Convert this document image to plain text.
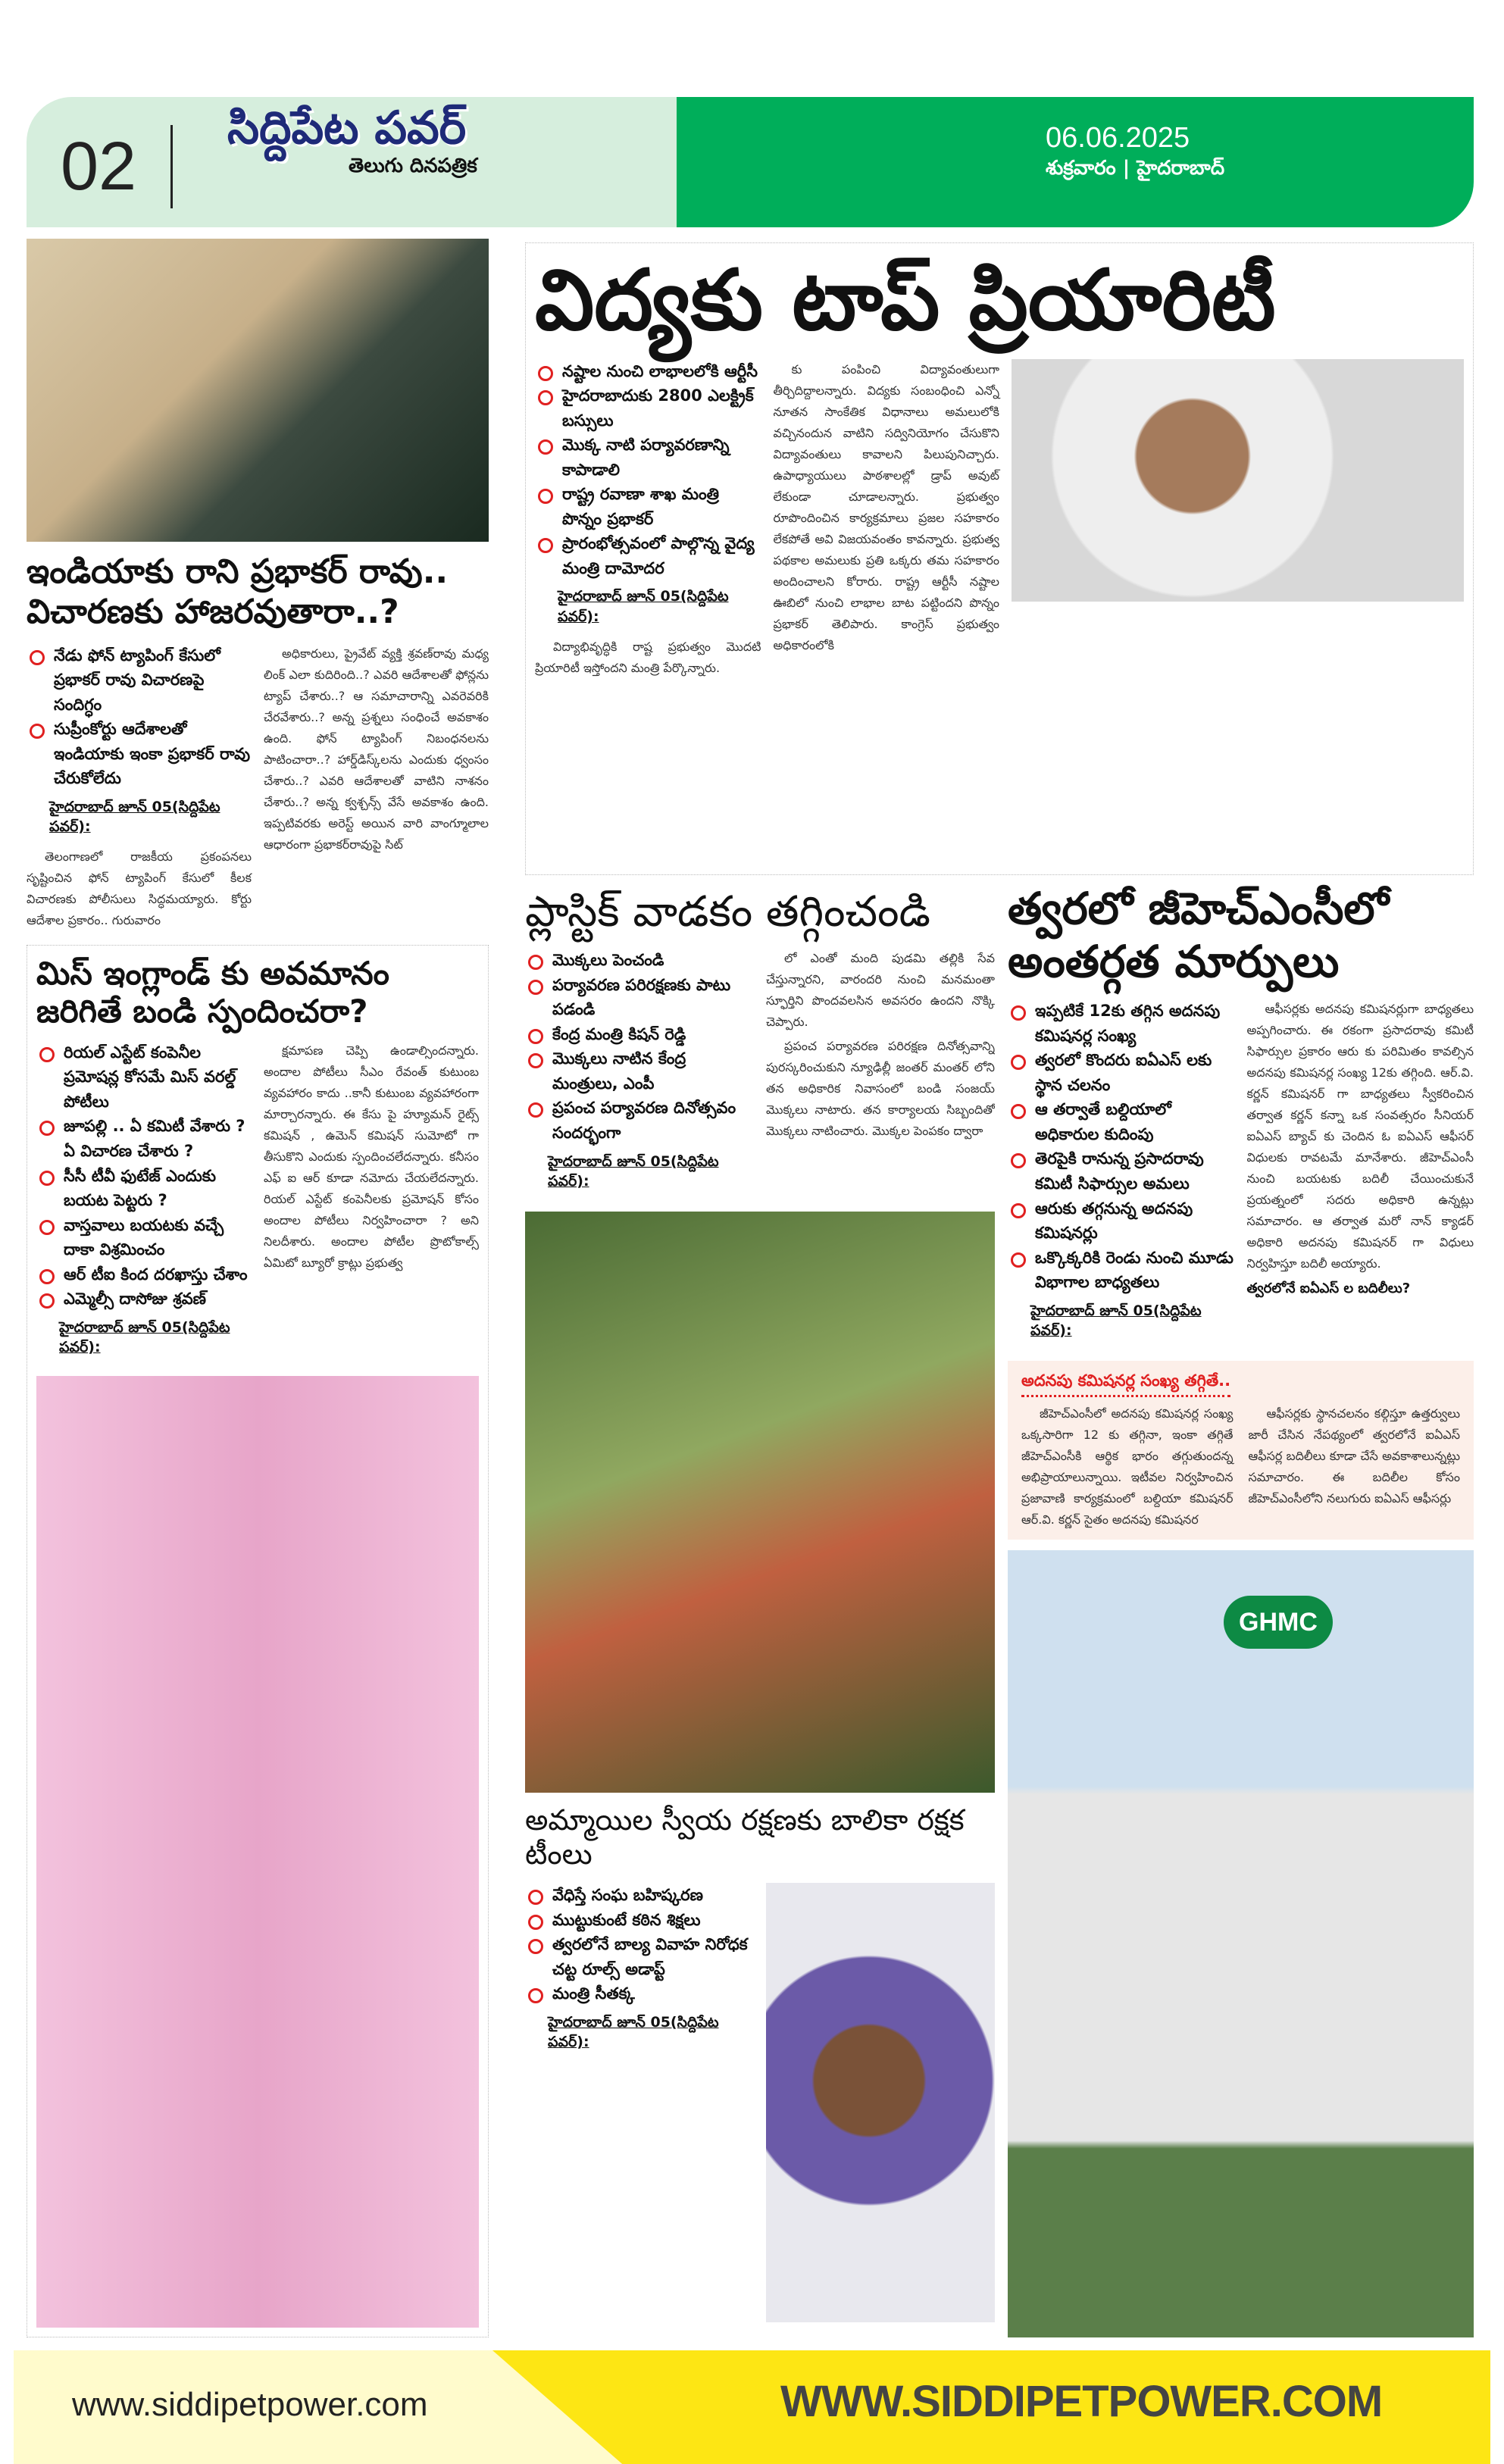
02
సిద్దిపేట పవర్
తెలుగు దినపత్రిక
06.06.2025
శుక్రవారం | హైదరాబాద్
ఇండియాకు రాని ప్రభాకర్ రావు.. విచారణకు హాజరవుతారా..?
నేడు ఫోన్ ట్యాపింగ్ కేసులో ప్రభాకర్ రావు విచారణపై సందిగ్ధం
సుప్రీంకోర్టు ఆదేశాలతో ఇండియాకు ఇంకా ప్రభాకర్ రావు చేరుకోలేదు
హైదరాబాద్ జూన్ 05(సిద్దిపేట పవర్):

తెలంగాణలో రాజకీయ ప్రకంపనలు సృష్టించిన ఫోన్ ట్యాపింగ్ కేసులో కీలక విచారణకు పోలీసులు సిద్ధమయ్యారు. కోర్టు ఆదేశాల ప్రకారం.. గురువారం

అధికారులు, ప్రైవేట్ వ్యక్తి శ్రవణ్‌రావు మధ్య లింక్ ఎలా కుదిరింది..? ఎవరి ఆదేశాలతో ఫోన్లను ట్యాప్ చేశారు..? ఆ సమాచారాన్ని ఎవరెవరికి చేరవేశారు..? అన్న ప్రశ్నలు సంధించే అవకాశం ఉంది. ఫోన్ ట్యాపింగ్ నిబంధనలను పాటించారా..? హార్డ్‌డిస్క్‌లను ఎందుకు ధ్వంసం చేశారు..? ఎవరి ఆదేశాలతో వాటిని నాశనం చేశారు..? అన్న క్వశ్చన్స్ వేసే అవకాశం ఉంది. ఇప్పటివరకు అరెస్ట్ అయిన వారి వాంగ్మూలాల ఆధారంగా ప్రభాకర్‌రావుపై సిట్

మిస్ ఇంగ్లాండ్ కు అవమానం జరిగితే బండి స్పందించరా?
రియల్ ఎస్టేట్ కంపెనీల ప్రమోషన్ల కోసమే మిస్ వరల్డ్ పోటీలు
జూపల్లి .. ఏ కమిటీ వేశారు ?ఏ విచారణ చేశారు ?
సీసీ టీవీ ఫుటేజ్ ఎందుకు బయట పెట్టరు ?
వాస్తవాలు బయటకు వచ్చే దాకా విశ్రమించం
ఆర్ టీఐ కింద దరఖాస్తు చేశాం
ఎమ్మెల్సీ దాసోజు శ్రవణ్
హైదరాబాద్ జూన్ 05(సిద్దిపేట పవర్):

క్షమాపణ చెప్పి ఉండాల్సిందన్నారు. అందాల పోటీలు సీఎం రేవంత్ కుటుంబ వ్యవహారం కాదు ..కానీ కుటుంబ వ్యవహారంగా మార్చారన్నారు. ఈ కేసు పై హ్యూమన్ రైట్స్ కమిషన్ , ఉమెన్ కమిషన్ సుమోటో గా తీసుకొని ఎందుకు స్పందించలేదన్నారు. కనీసం ఎఫ్ ఐ ఆర్ కూడా నమోదు చేయలేదన్నారు. రియల్ ఎస్టేట్ కంపెనీలకు ప్రమోషన్ కోసం అందాల పోటీలు నిర్వహించారా ? అని నిలదీశారు. అందాల పోటీల ప్రొటోకాల్స్ ఏమిటో బ్యూరో క్రాట్లు ప్రభుత్వ

విద్యకు టాప్ ప్రియారిటీ
నష్టాల నుంచి లాభాలలోకి ఆర్టీసీ
హైదరాబాదుకు 2800 ఎలక్ట్రిక్ బస్సులు
మొక్క నాటి పర్యావరణాన్ని కాపాడాలి
రాష్ట్ర రవాణా శాఖ మంత్రి పొన్నం ప్రభాకర్
ప్రారంభోత్సవంలో పాల్గొన్న వైద్య మంత్రి దామోదర
హైదరాబాద్ జూన్ 05(సిద్దిపేట పవర్):

విద్యాభివృద్ధికి రాష్ట ప్రభుత్వం మొదటి ప్రియారిటీ ఇస్తోందని మంత్రి పేర్కొన్నారు.

కు పంపించి విద్యావంతులుగా తీర్చిదిద్దాలన్నారు. విద్యకు సంబంధించి ఎన్నో నూతన సాంకేతిక విధానాలు అమలులోకి వచ్చినందున వాటిని సద్వినియోగం చేసుకొని విద్యావంతులు కావాలని పిలుపునిచ్చారు. ఉపాధ్యాయులు పాఠశాలల్లో డ్రాప్ అవుట్ లేకుండా చూడాలన్నారు. ప్రభుత్వం రూపొందించిన కార్యక్రమాలు ప్రజల సహకారం లేకపోతే అవి విజయవంతం కావన్నారు. ప్రభుత్వ పథకాల అమలుకు ప్రతి ఒక్కరు తమ సహకారం అందించాలని కోరారు. రాష్ట్ర ఆర్టీసీ నష్టాల ఊబిలో నుంచి లాభాల బాట పట్టిందని పొన్నం ప్రభాకర్ తెలిపారు. కాంగ్రెస్ ప్రభుత్వం అధికారంలోకి

ప్లాస్టిక్ వాడకం తగ్గించండి
మొక్కలు పెంచండి
పర్యావరణ పరిరక్షణకు పాటు పడండి
కేంద్ర మంత్రి కిషన్ రెడ్డి
మొక్కలు నాటిన కేంద్ర మంత్రులు, ఎంపీ
ప్రపంచ పర్యావరణ దినోత్సవం సందర్భంగా
హైదరాబాద్ జూన్ 05(సిద్దిపేట పవర్):

లో ఎంతో మంది పుడమి తల్లికి సేవ చేస్తున్నారని, వారందరి నుంచి మనమంతా స్ఫూర్తిని పొందవలసిన అవసరం ఉందని నొక్కి చెప్పారు.

ప్రపంచ పర్యావరణ పరిరక్షణ దినోత్సవాన్ని పురస్కరించుకుని న్యూఢిల్లీ జంతర్ మంతర్ లోని తన అధికారిక నివాసంలో బండి సంజయ్ మొక్కలు నాటారు. తన కార్యాలయ సిబ్బందితో మొక్కలు నాటించారు. మొక్కల పెంపకం ద్వారా

అమ్మాయిల స్వీయ రక్షణకు బాలికా రక్షక టీంలు
వేధిస్తే సంఘ బహిష్కరణ
ముట్టుకుంటే కఠిన శిక్షలు
త్వరలోనే బాల్య వివాహ నిరోధక చట్ట రూల్స్ అడాప్ట్
మంత్రి సీతక్క
హైదరాబాద్ జూన్ 05(సిద్దిపేట పవర్):
త్వరలో జీహెచ్ఎంసీలో అంతర్గత మార్పులు
ఇప్పటికే 12కు తగ్గిన అదనపు కమిషనర్ల సంఖ్య
త్వరలో కొందరు ఐఏఎస్ లకు స్థాన చలనం
ఆ తర్వాతే బల్దియాలో అధికారుల కుదింపు
తెరపైకి రానున్న ప్రసాదరావు కమిటీ సిఫార్సుల అమలు
ఆరుకు తగ్గనున్న అదనపు కమిషనర్లు
ఒక్కొక్కరికి రెండు నుంచి మూడు విభాగాల బాధ్యతలు
హైదరాబాద్ జూన్ 05(సిద్దిపేట పవర్):

ఆఫీసర్లకు అదనపు కమిషనర్లుగా బాధ్యతలు అప్పగించారు. ఈ రకంగా ప్రసాదరావు కమిటీ సిఫార్సుల ప్రకారం ఆరు కు పరిమితం కావల్సిన అదనపు కమిషనర్ల సంఖ్య 12కు తగ్గింది. ఆర్.వి. కర్ణన్ కమిషనర్ గా బాధ్యతలు స్వీకరించిన తర్వాత కర్ణన్ కన్నా ఒక సంవత్సరం సీనియర్ ఐఏఎస్ బ్యాచ్ కు చెందిన ఓ ఐఏఎస్ ఆఫీసర్ విధులకు రావటమే మానేశారు. జీహెచ్ఎంసీ నుంచి బయటకు బదిలీ చేయించుకునే ప్రయత్నంలో సదరు అధికారి ఉన్నట్లు సమాచారం. ఆ తర్వాత మరో నాన్ క్యాడర్ అధికారి అదనపు కమిషనర్ గా విధులు నిర్వహిస్తూ బదిలీ అయ్యారు.

త్వరలోనే ఐఏఎస్ ల బదిలీలు?
అదనపు కమిషనర్ల సంఖ్య తగ్గితే..

జీహెచ్ఎంసీలో అదనపు కమిషనర్ల సంఖ్య ఒక్కసారిగా 12 కు తగ్గినా, ఇంకా తగ్గితే జీహెచ్ఎంసీకి ఆర్థిక భారం తగ్గుతుందన్న అభిప్రాయాలున్నాయి. ఇటీవల నిర్వహించిన ప్రజావాణి కార్యక్రమంలో బల్దియా కమిషనర్ ఆర్.వి. కర్ణన్ సైతం అదనపు కమిషనర

ఆఫీసర్లకు స్థానచలనం కల్గిస్తూ ఉత్తర్వులు జారీ చేసిన నేపథ్యంలో త్వరలోనే ఐఏఎస్ ఆఫీసర్ల బదిలీలు కూడా చేసే అవకాశాలున్నట్లు సమాచారం. ఈ బదిలీల కోసం జీహెచ్ఎంసీలోని నలుగురు ఐఏఎస్ ఆఫీసర్లు

GHMC
www.siddipetpower.com	WWW.SIDDIPETPOWER.COM
